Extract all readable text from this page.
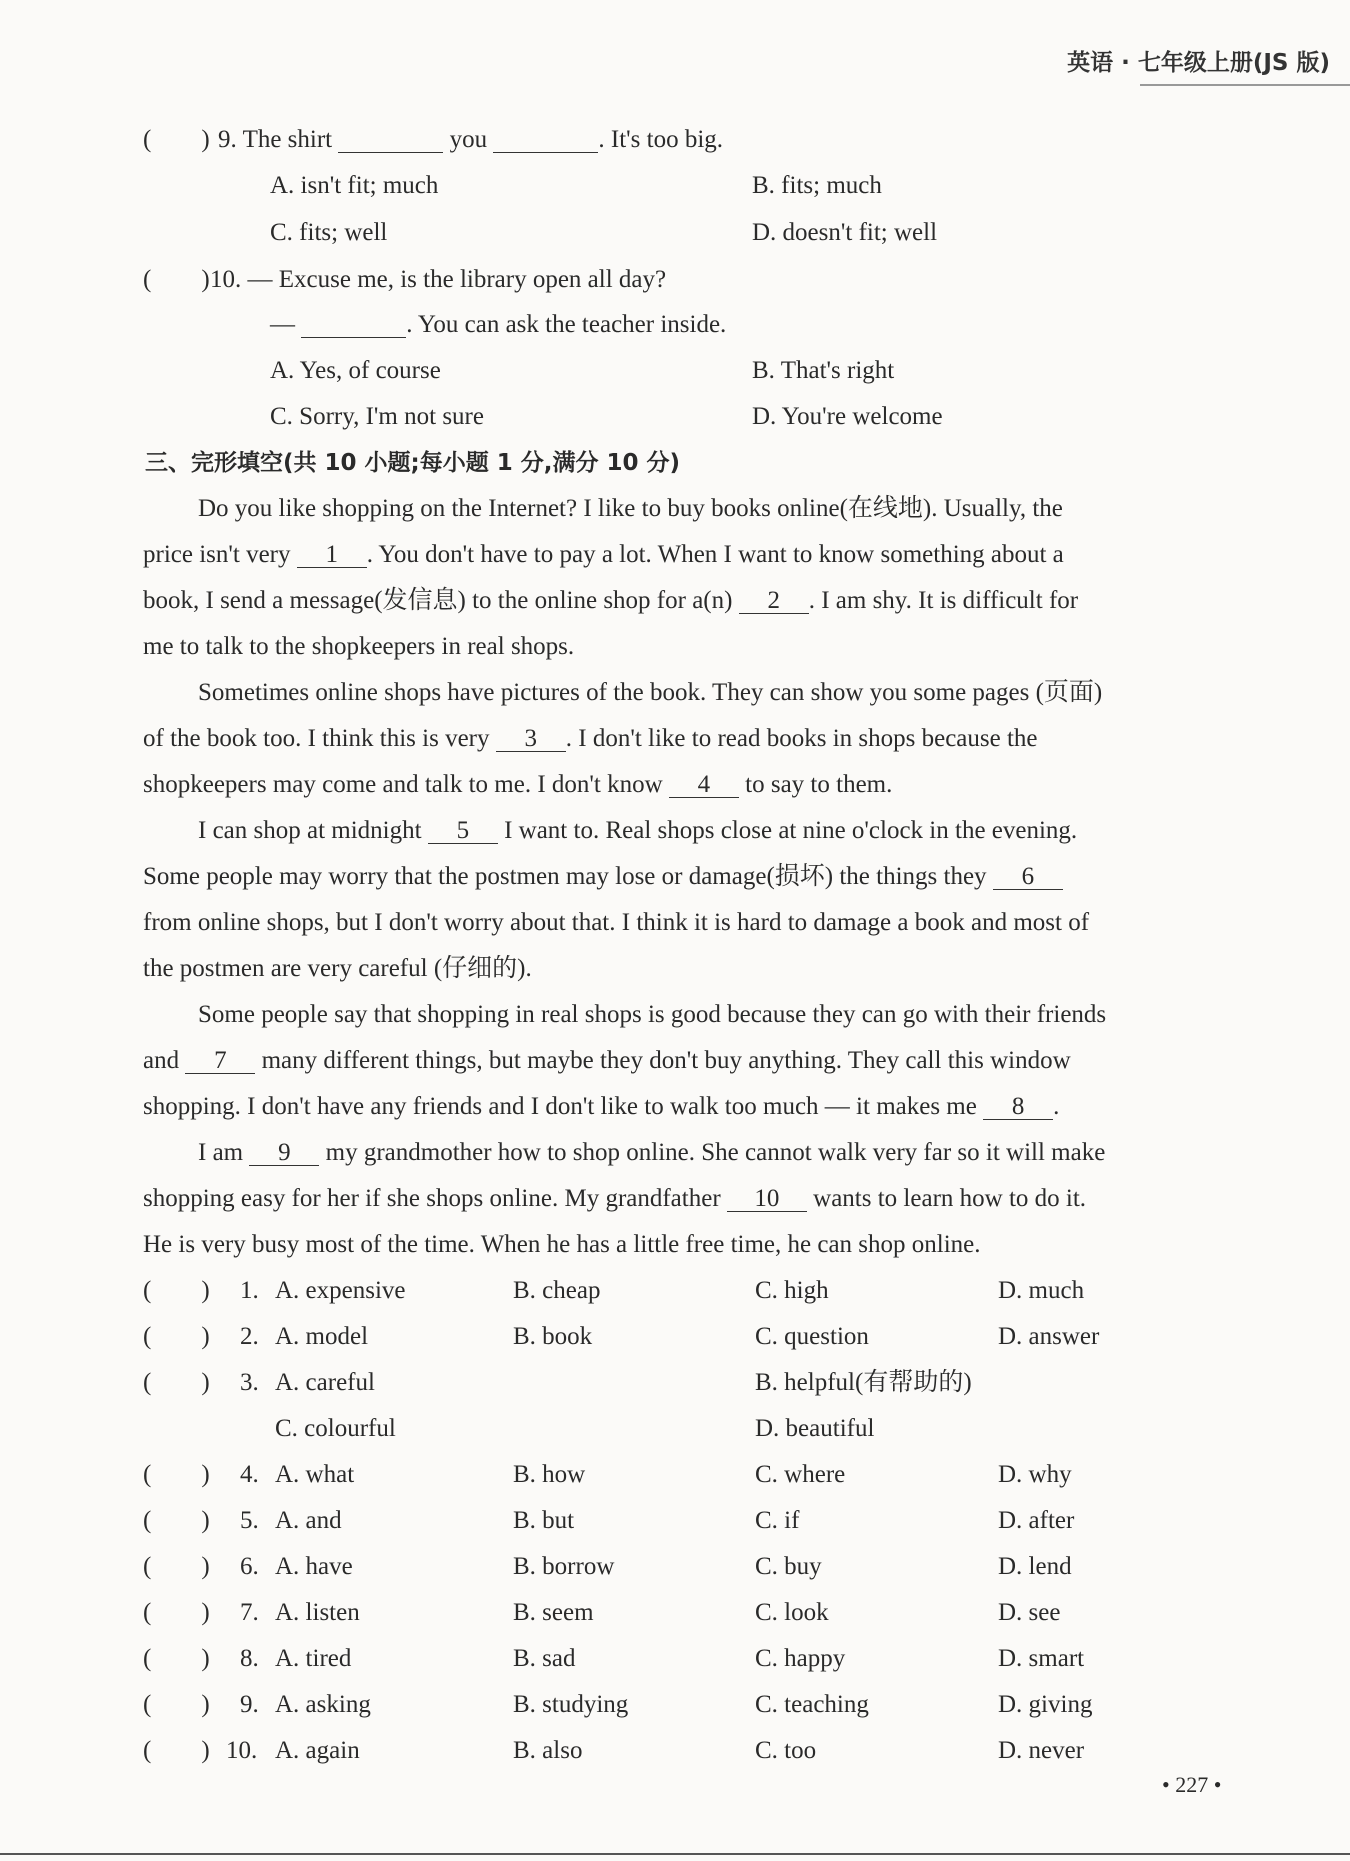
英语 · 七年级上册(JS 版)
(　　) 9. The shirt	you	. It's too big.
A. isn't fit; much	B. fits; much
C. fits; well	D. doesn't fit; well
(　　) 10. — Excuse me, is the library open all day?
—	. You can ask the teacher inside.
A. Yes, of course	B. That's right
C. Sorry, I'm not sure	D. You're welcome
三、完形填空(共 10 小题;每小题 1 分,满分 10 分)
Do you like shopping on the Internet? I like to buy books online(在线地). Usually, the
price isn't very 1 . You don't have to pay a lot. When I want to know something about a
book, I send a message(发信息) to the online shop for a(n) 2 . I am shy. It is difficult for
me to talk to the shopkeepers in real shops.
Sometimes online shops have pictures of the book. They can show you some pages (页面)
of the book too. I think this is very 3 . I don't like to read books in shops because the
shopkeepers may come and talk to me. I don't know 4 to say to them.
I can shop at midnight 5 I want to. Real shops close at nine o'clock in the evening.
Some people may worry that the postmen may lose or damage(损坏) the things they 6
from online shops, but I don't worry about that. I think it is hard to damage a book and most of
the postmen are very careful (仔细的).
Some people say that shopping in real shops is good because they can go with their friends
and 7 many different things, but maybe they don't buy anything. They call this window
shopping. I don't have any friends and I don't like to walk too much — it makes me 8 .
I am 9 my grandmother how to shop online. She cannot walk very far so it will make
shopping easy for her if she shops online. My grandfather 10 wants to learn how to do it.
He is very busy most of the time. When he has a little free time, he can shop online.
(　　) 1. A. expensive	B. cheap	C. high	D. much
(　　) 2. A. model	B. book	C. question	D. answer
(　　) 3. A. careful	B. helpful(有帮助的)
C. colourful	D. beautiful
(　　) 4. A. what	B. how	C. where	D. why
(　　) 5. A. and	B. but	C. if	D. after
(　　) 6. A. have	B. borrow	C. buy	D. lend
(　　) 7. A. listen	B. seem	C. look	D. see
(　　) 8. A. tired	B. sad	C. happy	D. smart
(　　) 9. A. asking	B. studying	C. teaching	D. giving
(　　) 10. A. again	B. also	C. too	D. never
• 227 •
